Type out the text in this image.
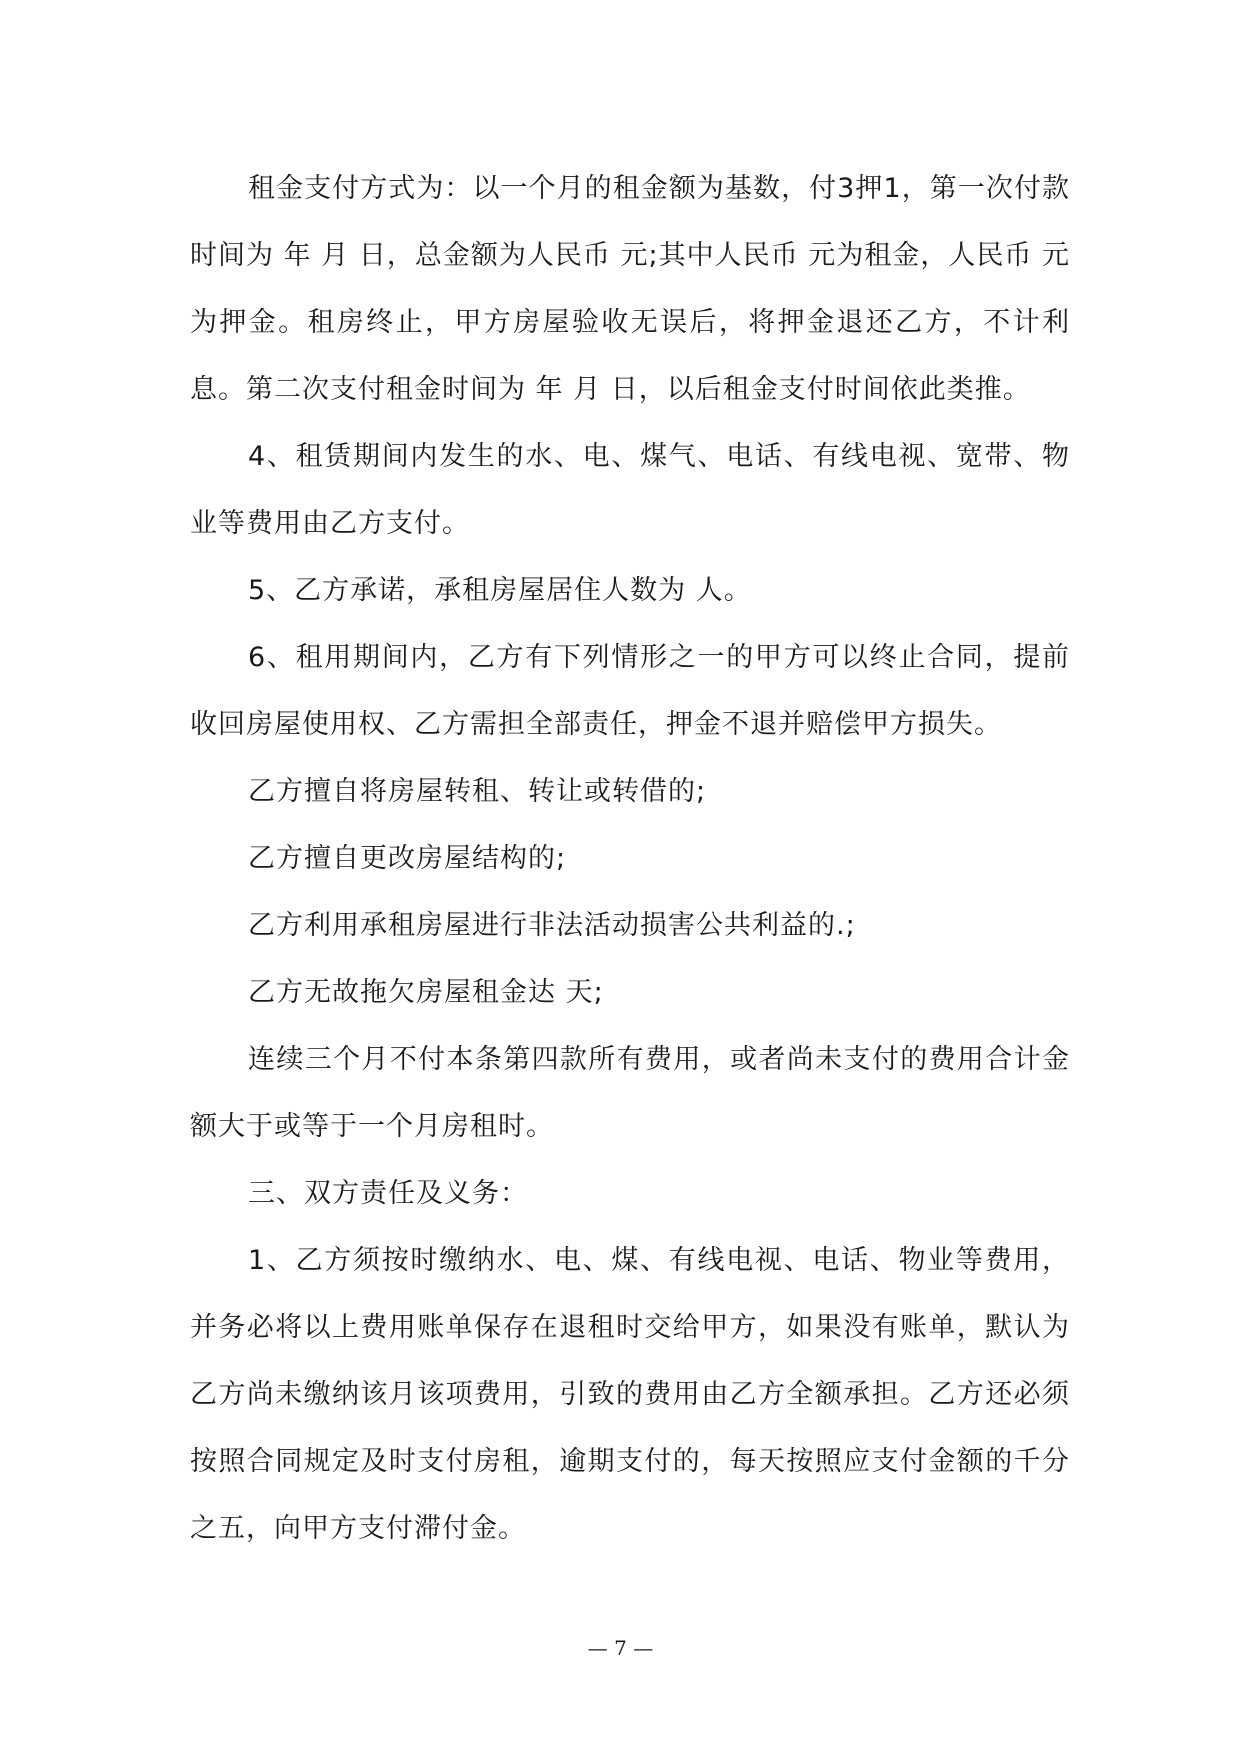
租金支付方式为：以一个月的租金额为基数，付3押1，第一次付款时间为 年 月 日，总金额为人民币 元;其中人民币 元为租金，人民币 元为押金。租房终止，甲方房屋验收无误后，将押金退还乙方，不计利息。第二次支付租金时间为 年 月 日，以后租金支付时间依此类推。

4、租赁期间内发生的水、电、煤气、电话、有线电视、宽带、物业等费用由乙方支付。

5、乙方承诺，承租房屋居住人数为 人。

6、租用期间内，乙方有下列情形之一的甲方可以终止合同，提前收回房屋使用权、乙方需担全部责任，押金不退并赔偿甲方损失。

乙方擅自将房屋转租、转让或转借的;

乙方擅自更改房屋结构的;

乙方利用承租房屋进行非法活动损害公共利益的.;

乙方无故拖欠房屋租金达 天;

连续三个月不付本条第四款所有费用，或者尚未支付的费用合计金额大于或等于一个月房租时。

三、双方责任及义务：

1、乙方须按时缴纳水、电、煤、有线电视、电话、物业等费用，并务必将以上费用账单保存在退租时交给甲方，如果没有账单，默认为乙方尚未缴纳该月该项费用，引致的费用由乙方全额承担。乙方还必须按照合同规定及时支付房租，逾期支付的，每天按照应支付金额的千分之五，向甲方支付滞付金。

— 7 —
